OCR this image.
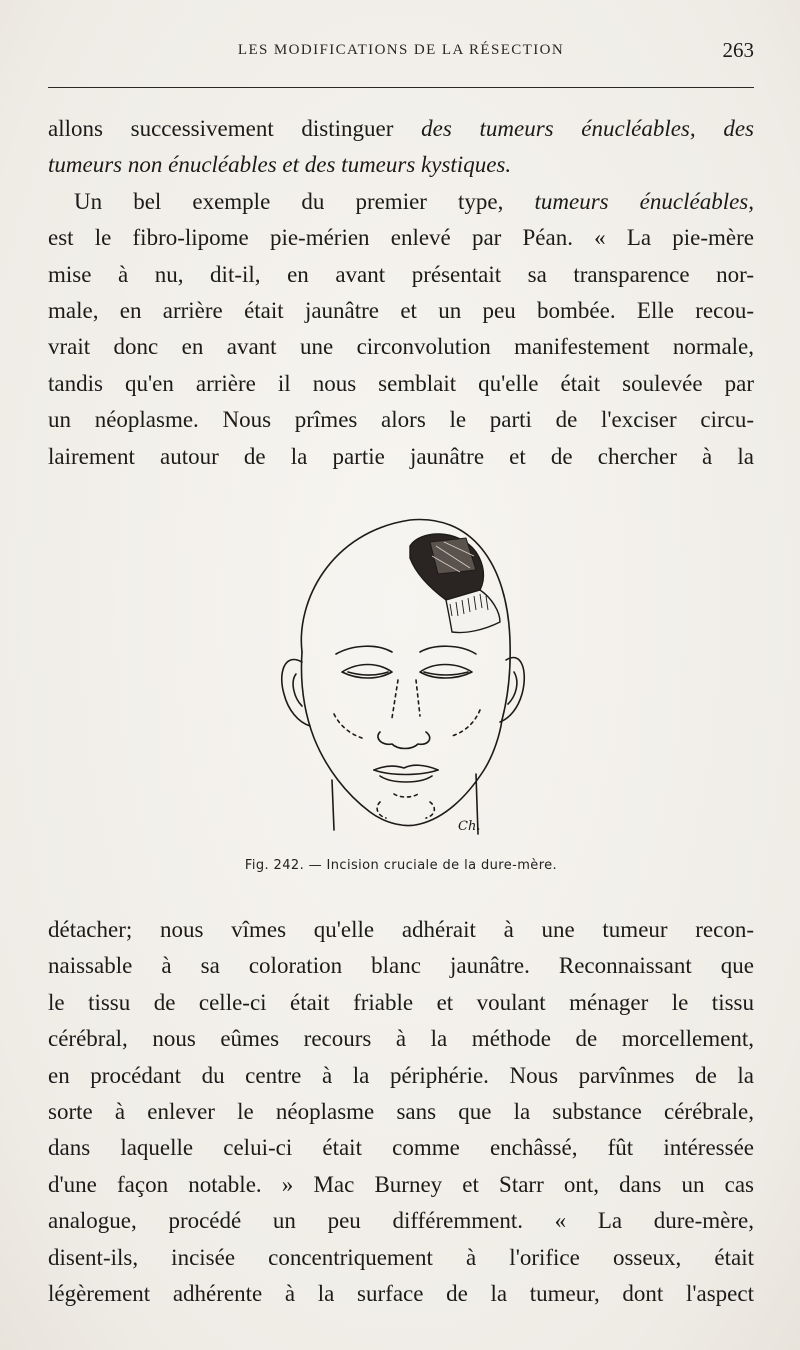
LES MODIFICATIONS DE LA RÉSECTION	263

allons successivement distinguer des tumeurs énucléables, des
tumeurs non énucléables et des tumeurs kystiques.

Un bel exemple du premier type, tumeurs énucléables,
est le fibro-lipome pie-mérien enlevé par Péan. « La pie-mère
mise à nu, dit-il, en avant présentait sa transparence nor-
male, en arrière était jaunâtre et un peu bombée. Elle recou-
vrait donc en avant une circonvolution manifestement normale,
tandis qu'en arrière il nous semblait qu'elle était soulevée par
un néoplasme. Nous prîmes alors le parti de l'exciser circu-
lairement autour de la partie jaunâtre et de chercher à la

Ch.
Fig. 242. — Incision cruciale de la dure-mère.

détacher; nous vîmes qu'elle adhérait à une tumeur recon-
naissable à sa coloration blanc jaunâtre. Reconnaissant que
le tissu de celle-ci était friable et voulant ménager le tissu
cérébral, nous eûmes recours à la méthode de morcellement,
en procédant du centre à la périphérie. Nous parvînmes de la
sorte à enlever le néoplasme sans que la substance cérébrale,
dans laquelle celui-ci était comme enchâssé, fût intéressée
d'une façon notable. » Mac Burney et Starr ont, dans un cas
analogue, procédé un peu différemment. « La dure-mère,
disent-ils, incisée concentriquement à l'orifice osseux, était
légèrement adhérente à la surface de la tumeur, dont l'aspect
